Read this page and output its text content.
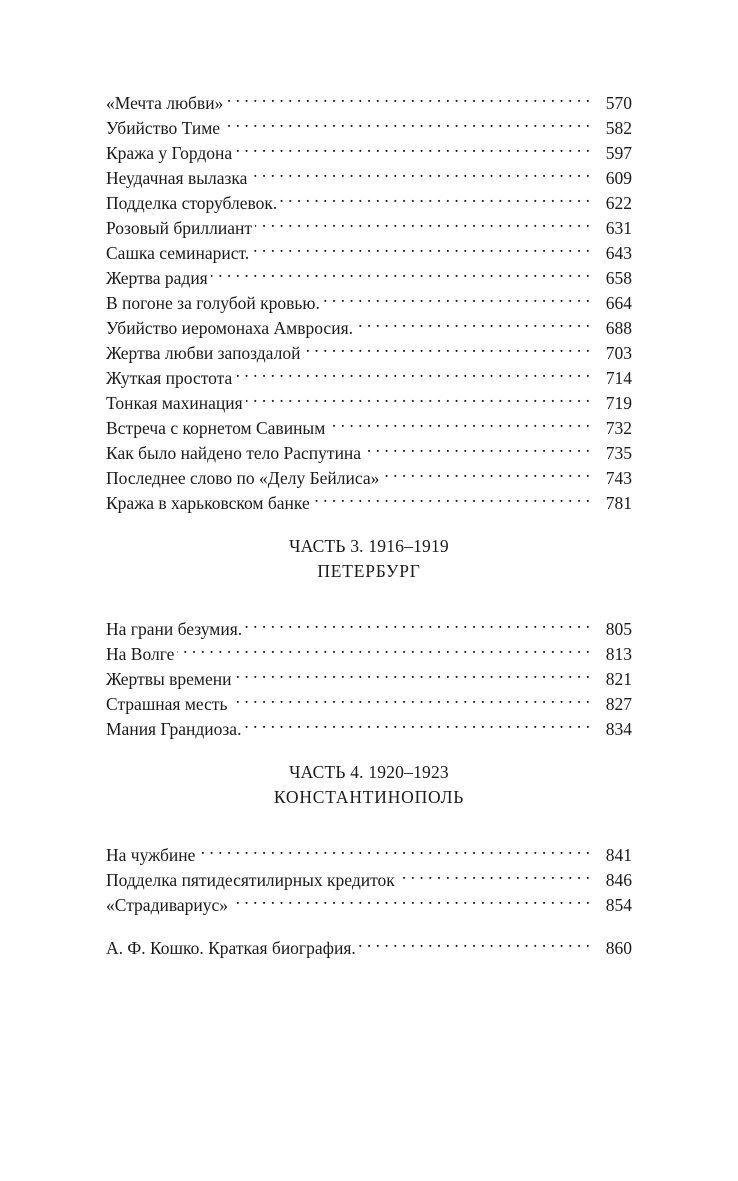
«Мечта любви» . . .	570
Убийство Тиме . . .	582
Кража у Гордона . . .	597
Неудачная вылазка . . .	609
Подделка сторублевок. . . .	622
Розовый бриллиант . . .	631
Сашка семинарист. . . .	643
Жертва радия . . .	658
В погоне за голубой кровью. . . .	664
Убийство иеромонаха Амвросия. . . .	688
Жертва любви запоздалой . . .	703
Жуткая простота . . .	714
Тонкая махинация . . .	719
Встреча с корнетом Савиным . . .	732
Как было найдено тело Распутина . . .	735
Последнее слово по «Делу Бейлиса» . . .	743
Кража в харьковском банке . . .	781
ЧАСТЬ 3. 1916–1919
ПЕТЕРБУРГ
На грани безумия. . . .	805
На Волге . . .	813
Жертвы времени . . .	821
Страшная месть . . .	827
Мания Грандиоза. . . .	834
ЧАСТЬ 4. 1920–1923
КОНСТАНТИНОПОЛЬ
На чужбине . . .	841
Подделка пятидесятилирных кредиток . . .	846
«Страдивариус» . . .	854
А. Ф. Кошко. Краткая биография. . . .	860
